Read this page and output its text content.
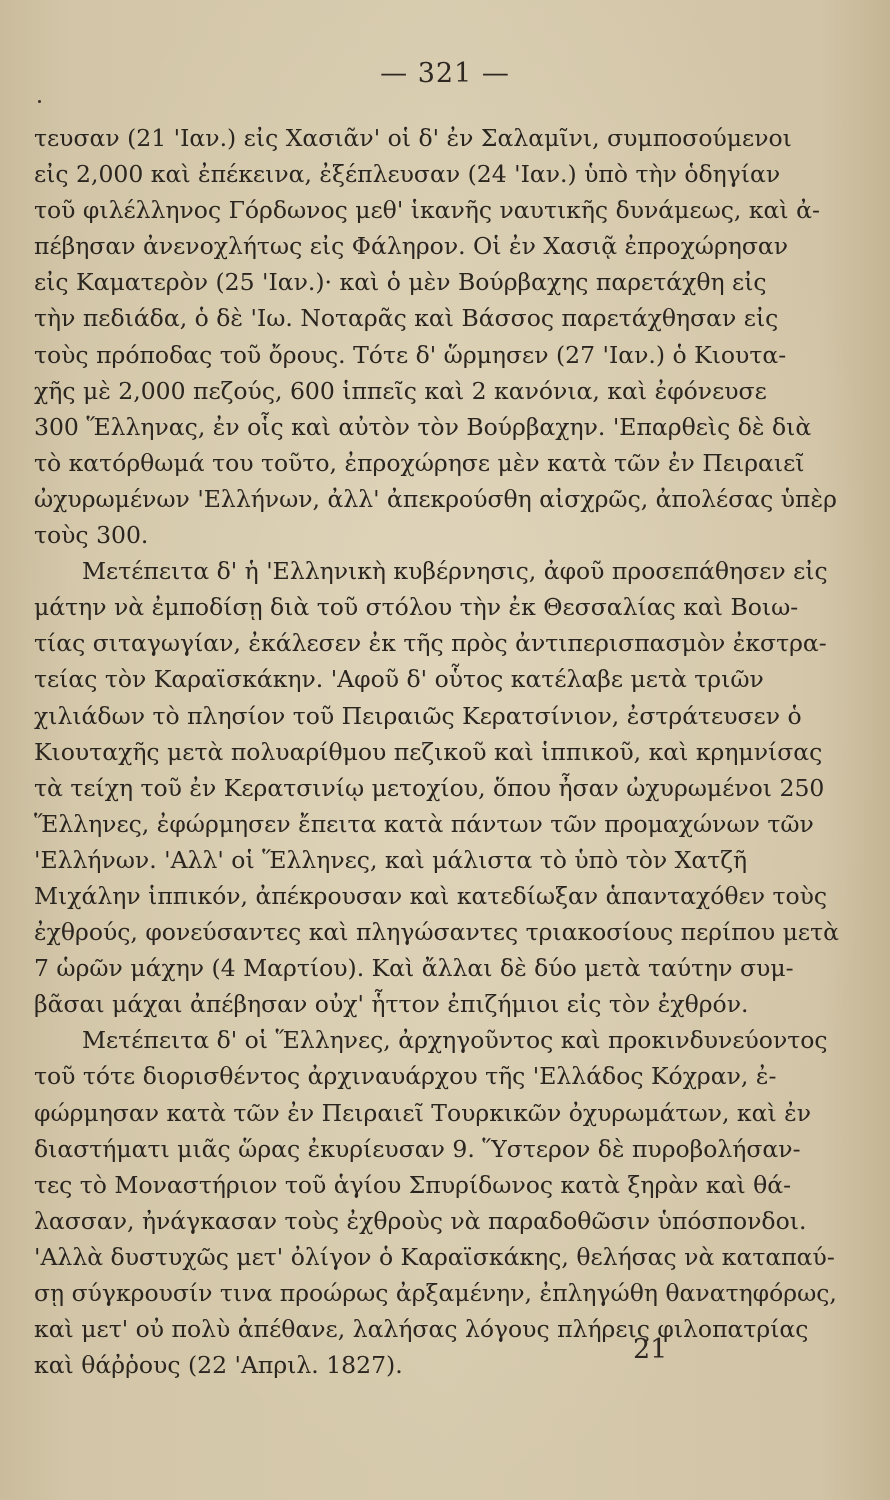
— 321 —
τευσαν (21 'Ιαν.) εἰς Χασιᾶν' οἱ δ' ἐν Σαλαμῖνι, συμποσούμενοι
εἰς 2,000 καὶ ἐπέκεινα, ἐξέπλευσαν (24 'Ιαν.) ὑπὸ τὴν ὁδηγίαν
τοῦ φιλέλληνος Γόρδωνος μεθ' ἱκανῆς ναυτικῆς δυνάμεως, καὶ ἀ-
πέβησαν ἀνενοχλήτως εἰς Φάληρον. Οἱ ἐν Χασιᾷ ἐπροχώρησαν
εἰς Καματερὸν (25 'Ιαν.)· καὶ ὁ μὲν Βούρβαχης παρετάχθη εἰς
τὴν πεδιάδα, ὁ δὲ 'Ιω. Νοταρᾶς καὶ Βάσσος παρετάχθησαν εἰς
τοὺς πρόποδας τοῦ ὄρους. Τότε δ' ὥρμησεν (27 'Ιαν.) ὁ Κιουτα-
χῆς μὲ 2,000 πεζούς, 600 ἱππεῖς καὶ 2 κανόνια, καὶ ἐφόνευσε
300 Ἕλληνας, ἐν οἷς καὶ αὐτὸν τὸν Βούρβαχην. 'Επαρθεὶς δὲ διὰ
τὸ κατόρθωμά του τοῦτο, ἐπροχώρησε μὲν κατὰ τῶν ἐν Πειραιεῖ
ὠχυρωμένων 'Ελλήνων, ἀλλ' ἀπεκρούσθη αἰσχρῶς, ἀπολέσας ὑπὲρ
τοὺς 300.
Μετέπειτα δ' ἡ 'Ελληνικὴ κυβέρνησις, ἀφοῦ προσεπάθησεν εἰς
μάτην νὰ ἐμποδίσῃ διὰ τοῦ στόλου τὴν ἐκ Θεσσαλίας καὶ Βοιω-
τίας σιταγωγίαν, ἐκάλεσεν ἐκ τῆς πρὸς ἀντιπερισπασμὸν ἐκστρα-
τείας τὸν Καραϊσκάκην. 'Αφοῦ δ' οὗτος κατέλαβε μετὰ τριῶν
χιλιάδων τὸ πλησίον τοῦ Πειραιῶς Κερατσίνιον, ἐστράτευσεν ὁ
Κιουταχῆς μετὰ πολυαρίθμου πεζικοῦ καὶ ἱππικοῦ, καὶ κρημνίσας
τὰ τείχη τοῦ ἐν Κερατσινίῳ μετοχίου, ὅπου ἦσαν ὠχυρωμένοι 250
Ἕλληνες, ἐφώρμησεν ἔπειτα κατὰ πάντων τῶν προμαχώνων τῶν
'Ελλήνων. 'Αλλ' οἱ Ἕλληνες, καὶ μάλιστα τὸ ὑπὸ τὸν Χατζῆ
Μιχάλην ἱππικόν, ἀπέκρουσαν καὶ κατεδίωξαν ἁπανταχόθεν τοὺς
ἐχθρούς, φονεύσαντες καὶ πληγώσαντες τριακοσίους περίπου μετὰ
7 ὡρῶν μάχην (4 Μαρτίου). Καὶ ἄλλαι δὲ δύο μετὰ ταύτην συμ-
βᾶσαι μάχαι ἀπέβησαν οὐχ' ἧττον ἐπιζήμιοι εἰς τὸν ἐχθρόν.
Μετέπειτα δ' οἱ Ἕλληνες, ἀρχηγοῦντος καὶ προκινδυνεύοντος
τοῦ τότε διορισθέντος ἀρχιναυάρχου τῆς 'Ελλάδος Κόχραν, ἐ-
φώρμησαν κατὰ τῶν ἐν Πειραιεῖ Τουρκικῶν ὀχυρωμάτων, καὶ ἐν
διαστήματι μιᾶς ὥρας ἐκυρίευσαν 9. Ὕστερον δὲ πυροβολήσαν-
τες τὸ Μοναστήριον τοῦ ἁγίου Σπυρίδωνος κατὰ ξηρὰν καὶ θά-
λασσαν, ἠνάγκασαν τοὺς ἐχθροὺς νὰ παραδοθῶσιν ὑπόσπονδοι.
'Αλλὰ δυστυχῶς μετ' ὀλίγον ὁ Καραϊσκάκης, θελήσας νὰ καταπαύ-
σῃ σύγκρουσίν τινα προώρως ἀρξαμένην, ἐπληγώθη θανατηφόρως,
καὶ μετ' οὐ πολὺ ἀπέθανε, λαλήσας λόγους πλήρεις φιλοπατρίας
καὶ θάῤῥους (22 'Απριλ. 1827).
21
